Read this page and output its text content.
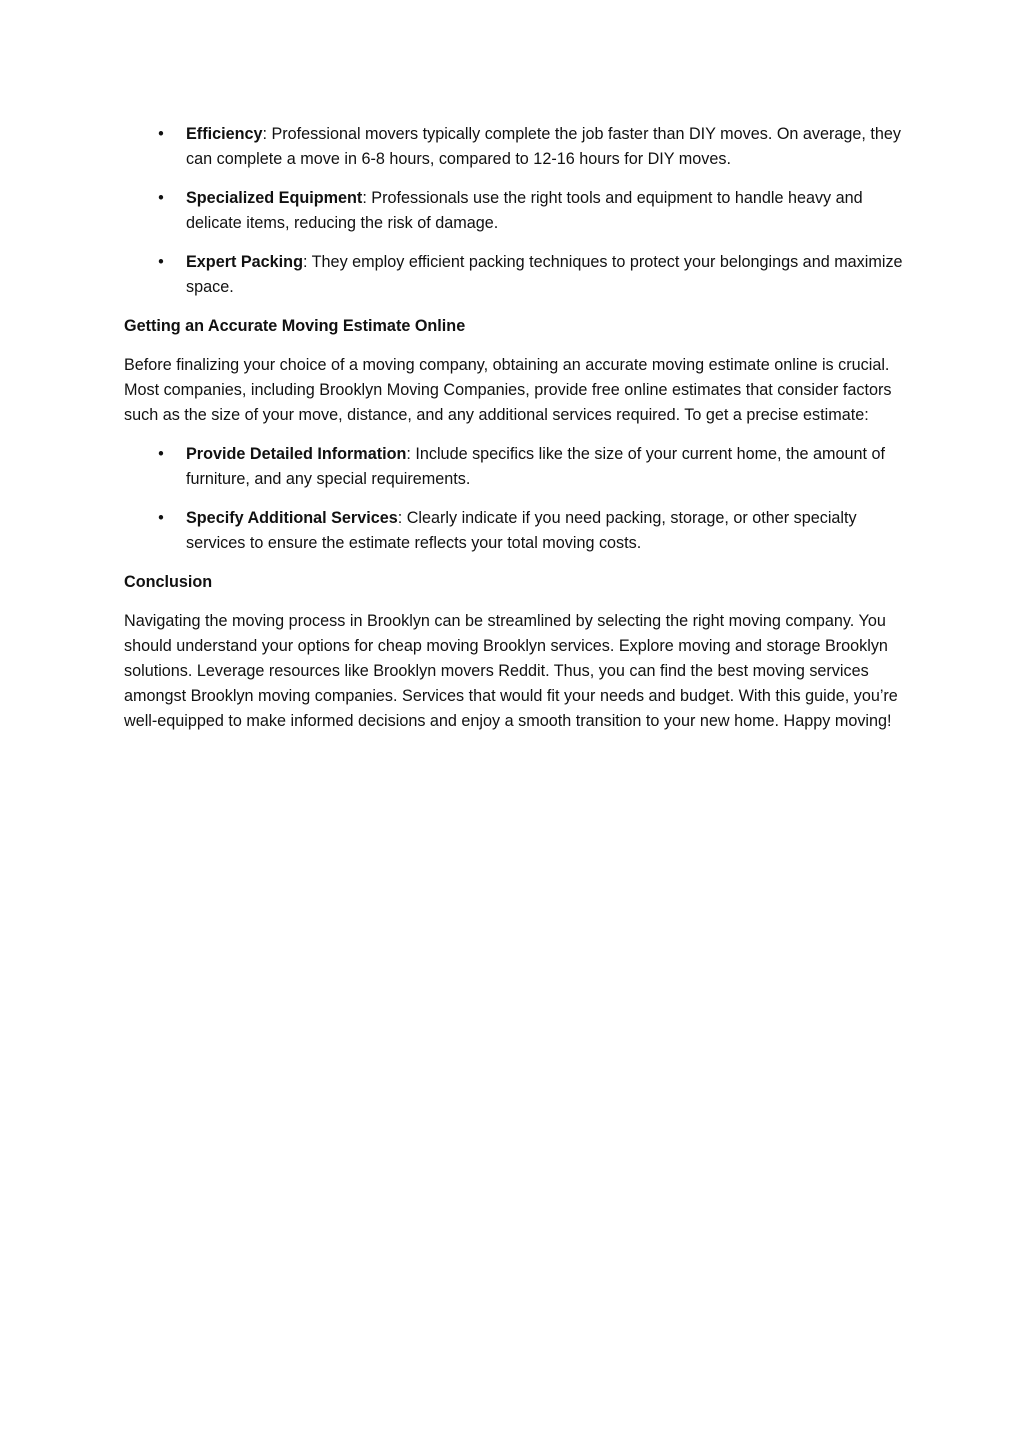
• Efficiency: Professional movers typically complete the job faster than DIY moves. On average, they can complete a move in 6-8 hours, compared to 12-16 hours for DIY moves.
• Specialized Equipment: Professionals use the right tools and equipment to handle heavy and delicate items, reducing the risk of damage.
• Expert Packing: They employ efficient packing techniques to protect your belongings and maximize space.
Getting an Accurate Moving Estimate Online

Before finalizing your choice of a moving company, obtaining an accurate moving estimate online is crucial. Most companies, including Brooklyn Moving Companies, provide free online estimates that consider factors such as the size of your move, distance, and any additional services required. To get a precise estimate:

• Provide Detailed Information: Include specifics like the size of your current home, the amount of furniture, and any special requirements.
• Specify Additional Services: Clearly indicate if you need packing, storage, or other specialty services to ensure the estimate reflects your total moving costs.
Conclusion

Navigating the moving process in Brooklyn can be streamlined by selecting the right moving company. You should understand your options for cheap moving Brooklyn services. Explore moving and storage Brooklyn solutions. Leverage resources like Brooklyn movers Reddit. Thus, you can find the best moving services amongst Brooklyn moving companies. Services that would fit your needs and budget. With this guide, you’re well-equipped to make informed decisions and enjoy a smooth transition to your new home. Happy moving!
